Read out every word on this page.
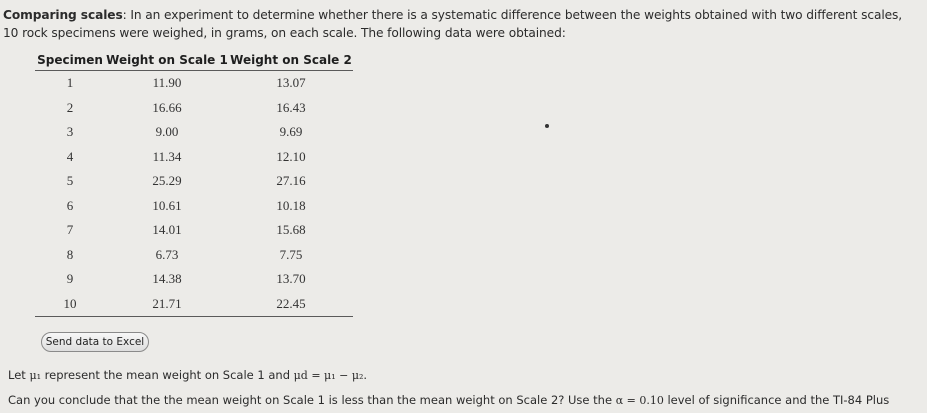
Comparing scales: In an experiment to determine whether there is a systematic difference between the weights obtained with two different scales, 10 rock specimens were weighed, in grams, on each scale. The following data were obtained:
Specimen	Weight on Scale 1	Weight on Scale 2
1	11.90	13.07
2	16.66	16.43
3	9.00	9.69
4	11.34	12.10
5	25.29	27.16
6	10.61	10.18
7	14.01	15.68
8	6.73	7.75
9	14.38	13.70
10	21.71	22.45
Send data to Excel
Let μ₁ represent the mean weight on Scale 1 and μd = μ₁ − μ₂.
Can you conclude that the the mean weight on Scale 1 is less than the mean weight on Scale 2? Use the α = 0.10 level of significance and the TI-84 Plus
